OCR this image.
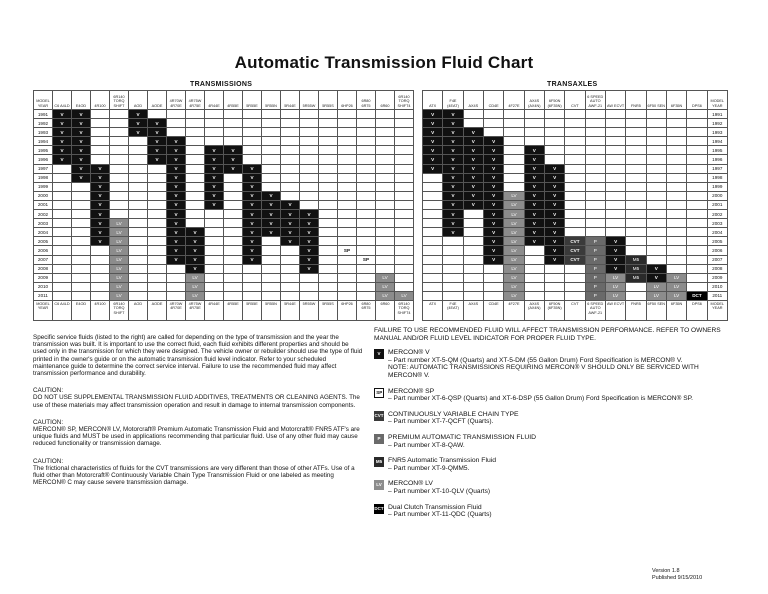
Automatic Transmission Fluid Chart
TRANSMISSIONS	TRANSAXLES
MODEL YEAR	C6 A4LD	E4OD	4R100	6R140 TORQ SHIFT	AOD	AODE	4R70W 4R70E	4R75W 4R75E	4R44E	4R55E	5R55E	5R55N	5R44E	5R55W	5R55S	6HP26	6R80 6R75	6R60	6R140 TORQ SHIFT4
1991	V	V			V														
1992	V	V			V	V													
1993	V	V			V	V													
1994	V	V				V	V												
1995	V	V				V	V		V	V									
1996	V	V				V	V		V	V									
1997		V	V				V		V	V	V								
1998		V	V				V		V		V								
1999			V				V		V		V								
2000			V				V		V		V	V							
2001			V				V		V		V	V	V						
2002			V				V				V	V	V	V					
2003			V	LV			V				V	V	V	V					
2004			V	LV			V	V			V	V	V	V					
2005			V	LV			V	V			V		V	V					
2006				LV			V	V			V			V		SP			
2007				LV			V	V			V			V			SP		
2008				LV				V						V					
2009				LV				LV										LV	
2010				LV				LV										LV	
2011				LV				LV										LV	LV
MODEL YEAR	C6 A4LD	E4OD	4R100	6R140 TORQ SHIFT	AOD	AODE	4R70W 4R70E	4R75W 4R75E	4R44E	4R55E	5R55E	5R55N	5R44E	5R55W	5R55S	6HP26	6R80 6R75	6R60	6R140 TORQ SHIFT4
ATX	F4E (4EAT)	AX4S	CD4E	4F27E	AX4S (AX4N)	6F50N (6F35N)	CVT	6 SPEED AUTO AWF-21	AW ECVT	FNR5	6F50 SEN	6F35N	DPS6	MODEL YEAR
V	V													1991
V	V													1992
V	V	V												1993
V	V	V	V											1994
V	V	V	V		V									1995
V	V	V	V		V									1996
V	V	V	V		V	V								1997
	V	V	V		V	V								1998
	V	V	V		V	V								1999
	V	V	V	LV	V	V								2000
	V	V	V	LV	V	V								2001
	V		V	LV	V	V								2002
	V		V	LV	V	V								2003
	V		V	LV	V	V								2004
			V	LV	V	V	CVT	P	V					2005
			V	LV		V	CVT	P	V					2006
			V	LV		V	CVT	P	V	M5				2007
				LV				P	V	M5	V			2008
				LV				P	LV	M5	V	LV		2009
				LV				P	LV		LV	LV		2010
				LV				P	LV		LV	LV	DCT	2011
ATX	F4E (4EAT)	AX4S	CD4E	4F27E	AX4S (AX4N)	6F50N (6F35N)	CVT	6 SPEED AUTO AWF-21	AW ECVT	FNR5	6F50 SEN	6F35N	DPS6	MODEL YEAR

Specific service fluids (listed to the right) are called for depending on the type of transmission and the year the transmission was built. It is important to use the correct fluid, each fluid exhibits different properties and should be used only in the transmission for which they were designed. The vehicle owner or rebuilder should use the type of fluid printed in the owner's guide or on the automatic transmission fluid level indicator. Refer to your scheduled maintenance guide to determine the correct service interval. Failure to use the recommended fluid may affect transmission performance and durability.

CAUTION:
DO NOT USE SUPPLEMENTAL TRANSMISSION FLUID ADDITIVES, TREATMENTS OR CLEANING AGENTS. The use of these materials may affect transmission operation and result in damage to internal transmission components.

CAUTION:
MERCON® SP, MERCON® LV, Motorcraft® Premium Automatic Transmission Fluid and Motorcraft® FNR5 ATF's are unique fluids and MUST be used in applications recommending that particular fluid. Use of any other fluid may cause reduced functionality or transmission damage.

CAUTION:
The frictional characteristics of fluids for the CVT transmissions are very different than those of other ATFs. Use of a fluid other than Motorcraft® Continuously Variable Chain Type Transmission Fluid or one labeled as meeting MERCON® C may cause severe transmission damage.

FAILURE TO USE RECOMMENDED FLUID WILL AFFECT TRANSMISSION PERFORMANCE. REFER TO OWNERS MANUAL AND/OR FLUID LEVEL INDICATOR FOR PROPER FLUID TYPE.
V	MERCON® V
– Part number XT-5-QM (Quarts) and XT-5-DM (55 Gallon Drum) Ford Specification is MERCON® V.
NOTE: AUTOMATIC TRANSMISSIONS REQUIRING MERCON® V SHOULD ONLY BE SERVICED WITH MERCON® V.
SP MERCON® SP
– Part number XT-6-QSP (Quarts) and XT-6-DSP (55 Gallon Drum) Ford Specification is MERCON® SP.
CVT CONTINUOUSLY VARIABLE CHAIN TYPE
– Part number XT-7-QCFT (Quarts).
P	PREMIUM AUTOMATIC TRANSMISSION FLUID
– Part number XT-8-QAW.
M5 FNR5 Automatic Transmission Fluid
– Part number XT-9-QMM5.
LV MERCON® LV
– Part number XT-10-QLV (Quarts)
DCT Dual Clutch Transmission Fluid
– Part number XT-11-QDC (Quarts)
Version 1.8
Published 9/15/2010
